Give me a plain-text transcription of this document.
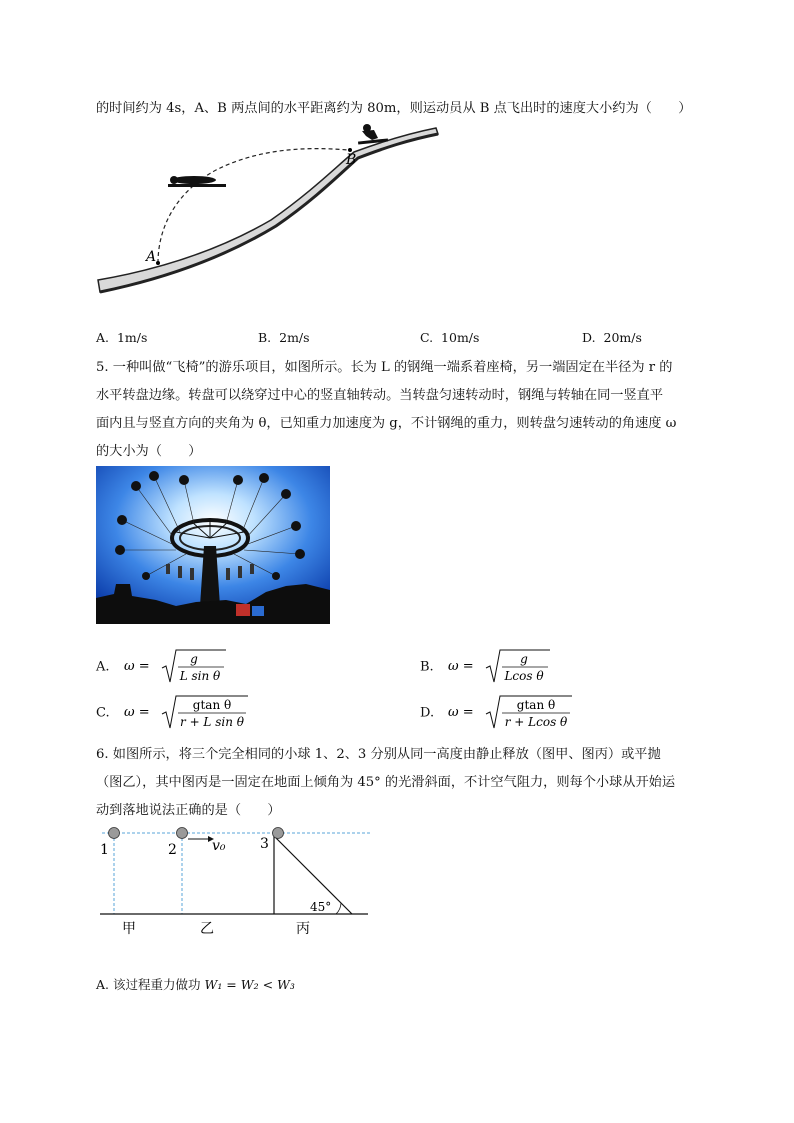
的时间约为 4s，A、B 两点间的水平距离约为 80m，则运动员从 B 点飞出时的速度大小约为（　　）
A
B
A. 1m/s	B. 2m/s	C. 10m/s	D. 20m/s
5. 一种叫做“飞椅”的游乐项目，如图所示。长为 L 的钢绳一端系着座椅，另一端固定在半径为 r 的
水平转盘边缘。转盘可以绕穿过中心的竖直轴转动。当转盘匀速转动时，钢绳与转轴在同一竖直平
面内且与竖直方向的夹角为 θ，已知重力加速度为 g，不计钢绳的重力，则转盘匀速转动的角速度 ω
的大小为（　　）
A. ω =	g
L sin θ
B. ω =	g
Lcos θ
C. ω =	gtan θ
r + L sin θ
D. ω =	gtan θ
r + Lcos θ
6. 如图所示，将三个完全相同的小球 1、2、3 分别从同一高度由静止释放（图甲、图丙）或平抛
（图乙），其中图丙是一固定在地面上倾角为 45° 的光滑斜面，不计空气阻力，则每个小球从开始运
动到落地说法正确的是（　　）
1	2	3
v₀
45°
甲	乙	丙
A. 该过程重力做功 W₁ = W₂ < W₃
